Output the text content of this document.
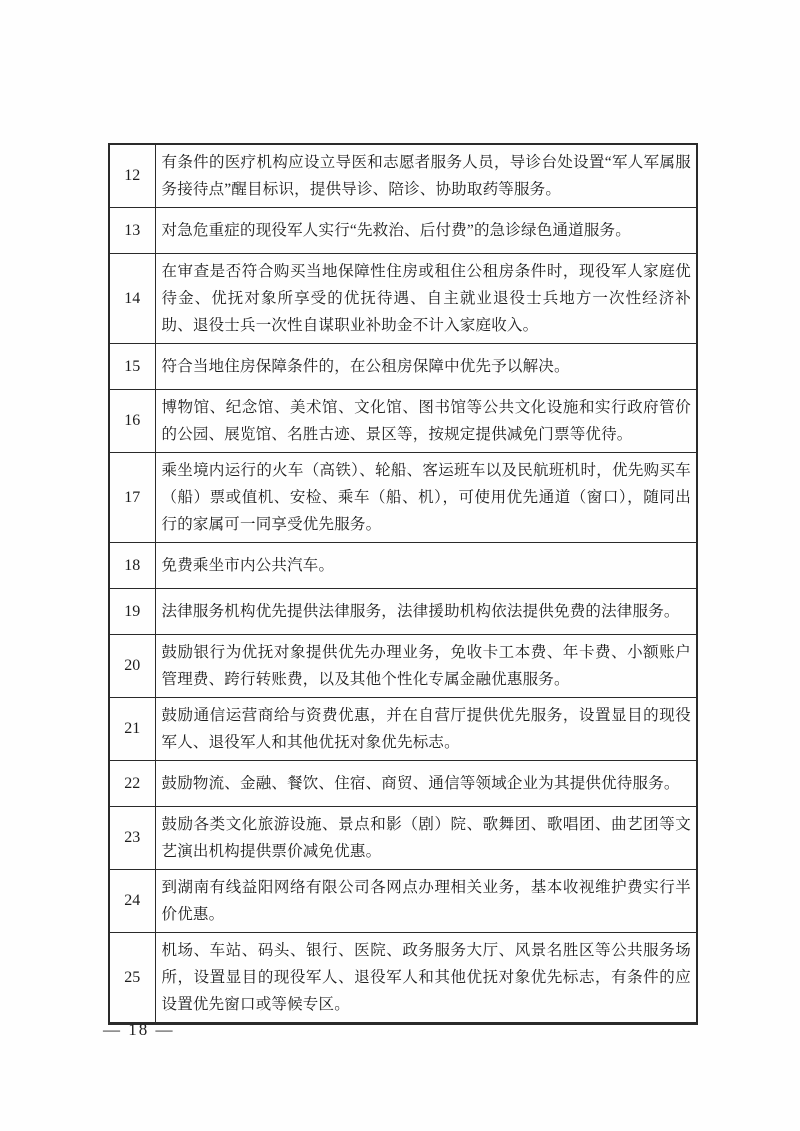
12	有条件的医疗机构应设立导医和志愿者服务人员，导诊台处设置“军人军属服务接待点”醒目标识，提供导诊、陪诊、协助取药等服务。
13	对急危重症的现役军人实行“先救治、后付费”的急诊绿色通道服务。
14	在审查是否符合购买当地保障性住房或租住公租房条件时，现役军人家庭优待金、优抚对象所享受的优抚待遇、自主就业退役士兵地方一次性经济补助、退役士兵一次性自谋职业补助金不计入家庭收入。
15	符合当地住房保障条件的，在公租房保障中优先予以解决。
16	博物馆、纪念馆、美术馆、文化馆、图书馆等公共文化设施和实行政府管价的公园、展览馆、名胜古迹、景区等，按规定提供减免门票等优待。
17	乘坐境内运行的火车（高铁）、轮船、客运班车以及民航班机时，优先购买车（船）票或值机、安检、乘车（船、机），可使用优先通道（窗口），随同出行的家属可一同享受优先服务。
18	免费乘坐市内公共汽车。
19	法律服务机构优先提供法律服务，法律援助机构依法提供免费的法律服务。
20	鼓励银行为优抚对象提供优先办理业务，免收卡工本费、年卡费、小额账户管理费、跨行转账费，以及其他个性化专属金融优惠服务。
21	鼓励通信运营商给与资费优惠，并在自营厅提供优先服务，设置显目的现役军人、退役军人和其他优抚对象优先标志。
22	鼓励物流、金融、餐饮、住宿、商贸、通信等领域企业为其提供优待服务。
23	鼓励各类文化旅游设施、景点和影（剧）院、歌舞团、歌唱团、曲艺团等文艺演出机构提供票价减免优惠。
24	到湖南有线益阳网络有限公司各网点办理相关业务，基本收视维护费实行半价优惠。
25	机场、车站、码头、银行、医院、政务服务大厅、风景名胜区等公共服务场所，设置显目的现役军人、退役军人和其他优抚对象优先标志，有条件的应设置优先窗口或等候专区。
— 18 —
